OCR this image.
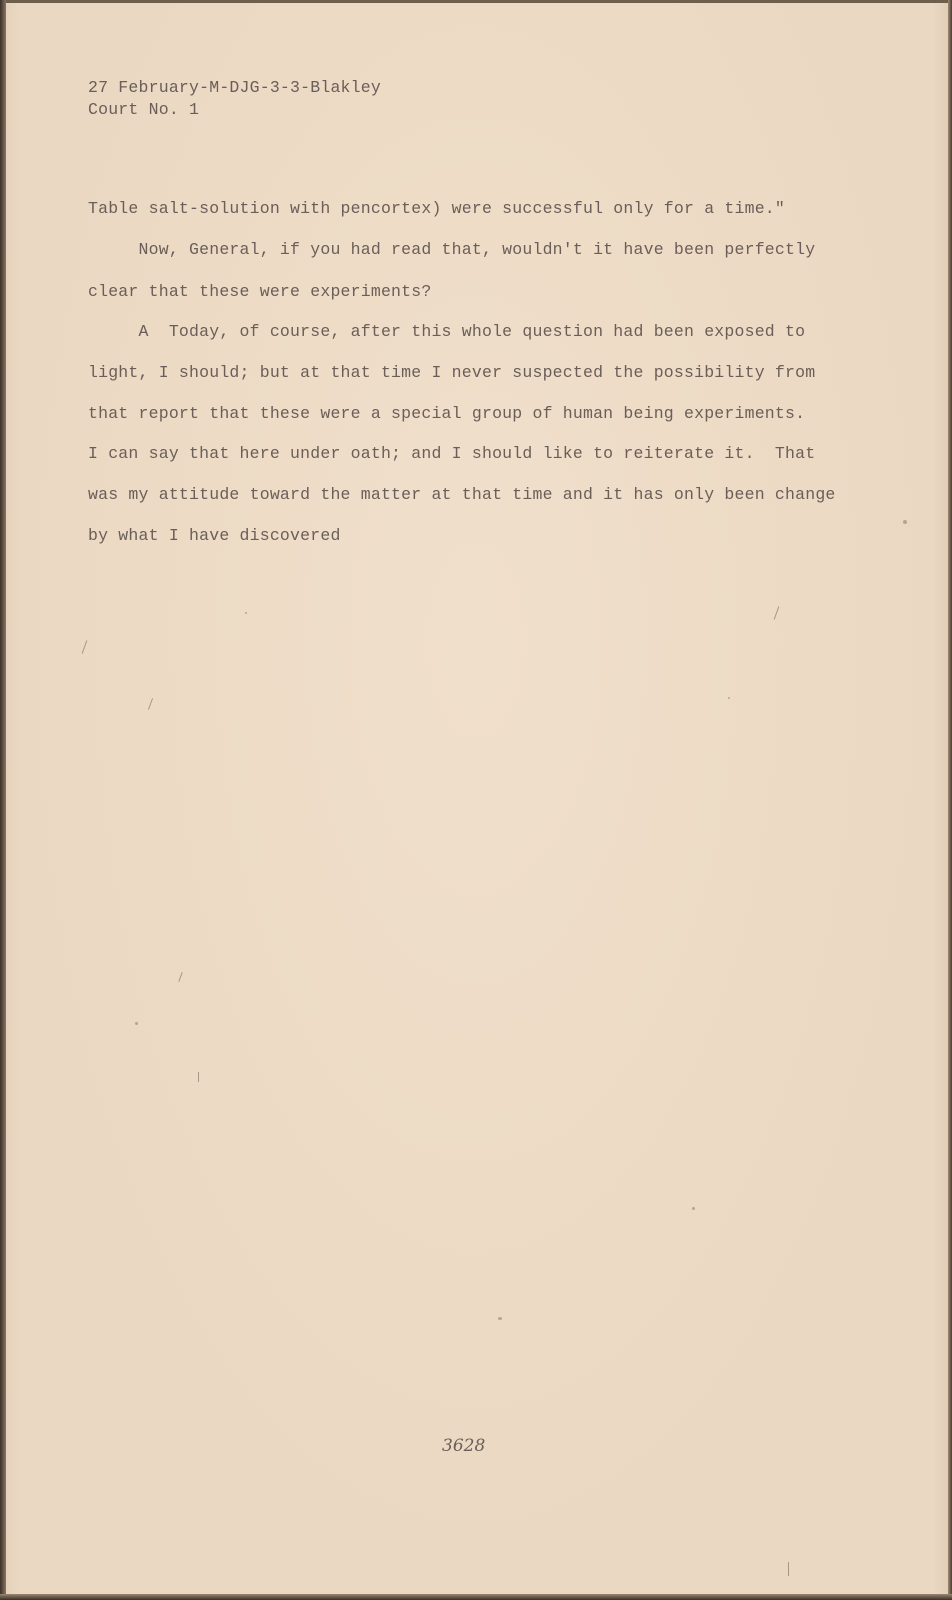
27 February-M-DJG-3-3-Blakley
Court No. 1
Table salt-solution with pencortex) were successful only for a time."
Now, General, if you had read that, wouldn't it have been perfectly
clear that these were experiments?
A  Today, of course, after this whole question had been exposed to
light, I should; but at that time I never suspected the possibility from
that report that these were a special group of human being experiments.
I can say that here under oath; and I should like to reiterate it.  That
was my attitude toward the matter at that time and it has only been change
by what I have discovered
3628
